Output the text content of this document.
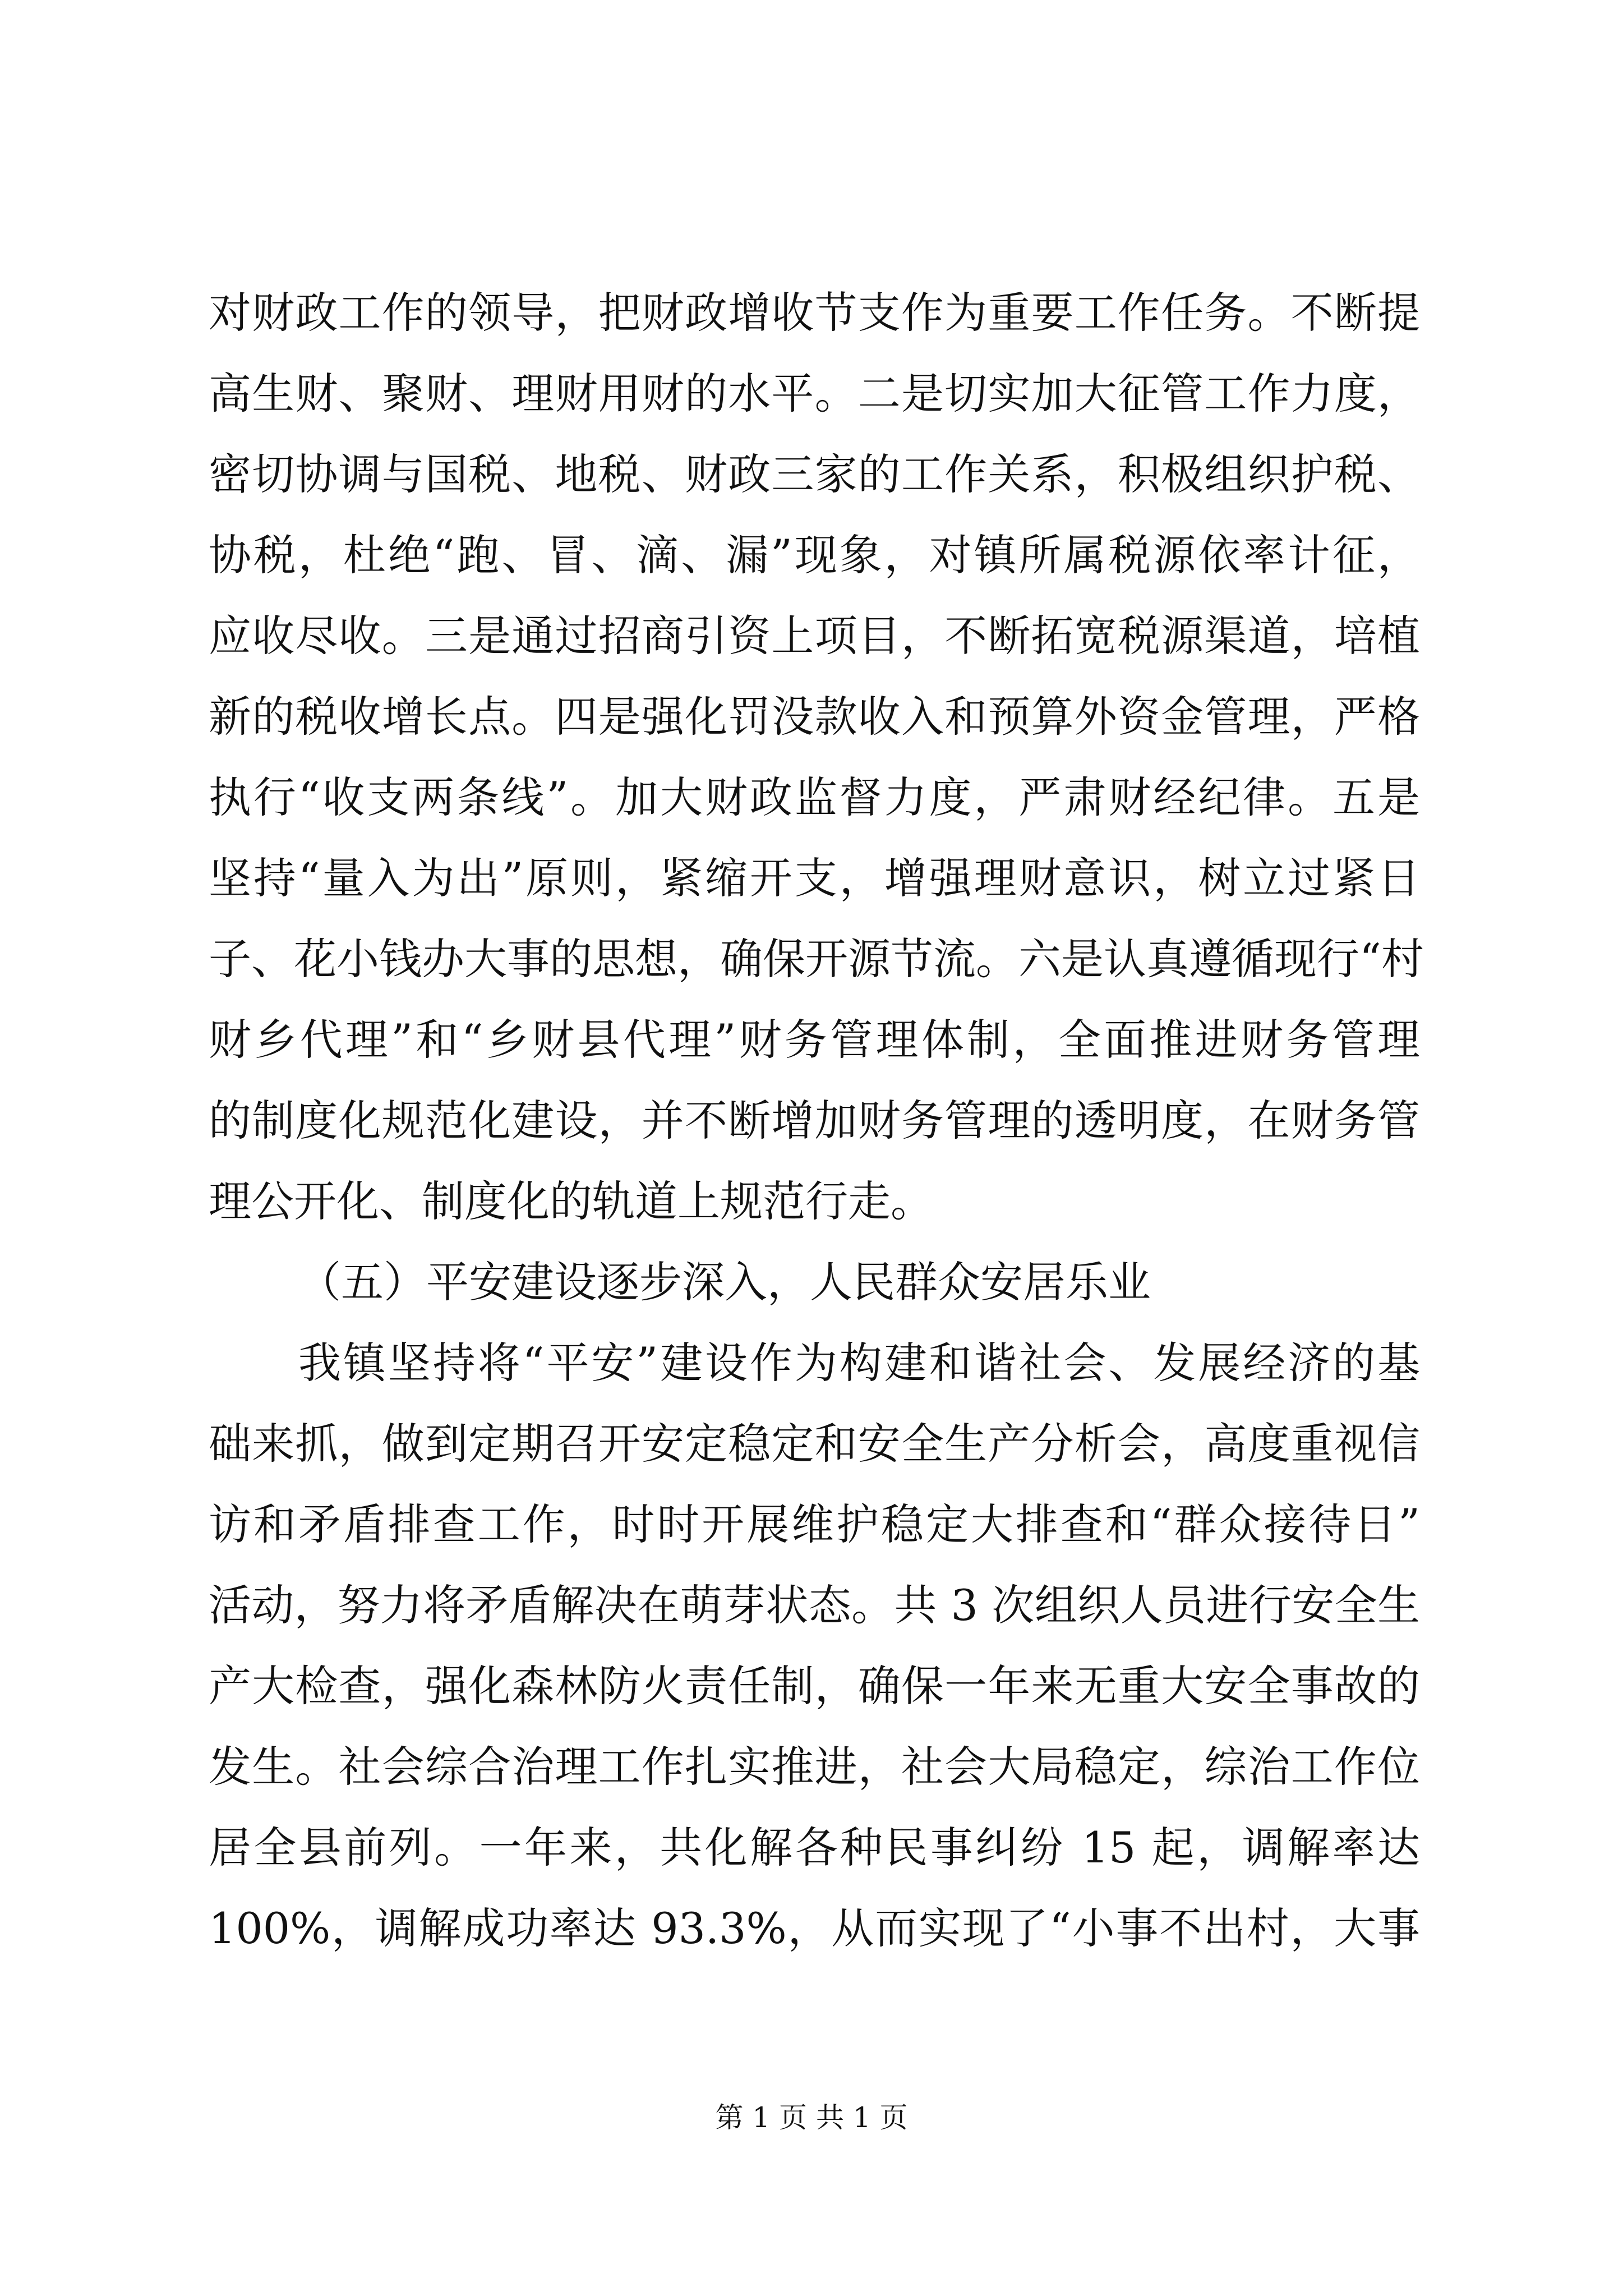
对财政工作的领导，把财政增收节支作为重要工作任务。不断提
高生财、聚财、理财用财的水平。二是切实加大征管工作力度，
密切协调与国税、地税、财政三家的工作关系，积极组织护税、
协税，杜绝“跑、冒、滴、漏”现象，对镇所属税源依率计征，
应收尽收。三是通过招商引资上项目，不断拓宽税源渠道，培植
新的税收增长点。四是强化罚没款收入和预算外资金管理，严格
执行“收支两条线”。加大财政监督力度，严肃财经纪律。五是
坚持“量入为出”原则，紧缩开支，增强理财意识，树立过紧日
子、花小钱办大事的思想，确保开源节流。六是认真遵循现行“村
财乡代理”和“乡财县代理”财务管理体制，全面推进财务管理
的制度化规范化建设，并不断增加财务管理的透明度，在财务管
理公开化、制度化的轨道上规范行走。
（五）平安建设逐步深入，人民群众安居乐业
我镇坚持将“平安”建设作为构建和谐社会、发展经济的基
础来抓，做到定期召开安定稳定和安全生产分析会，高度重视信
访和矛盾排查工作，时时开展维护稳定大排查和“群众接待日”
活动，努力将矛盾解决在萌芽状态。共 3 次组织人员进行安全生
产大检查，强化森林防火责任制，确保一年来无重大安全事故的
发生。社会综合治理工作扎实推进，社会大局稳定，综治工作位
居全县前列。一年来，共化解各种民事纠纷 15 起，调解率达
100%，调解成功率达 93.3%，从而实现了“小事不出村，大事
第 1 页 共 1 页
